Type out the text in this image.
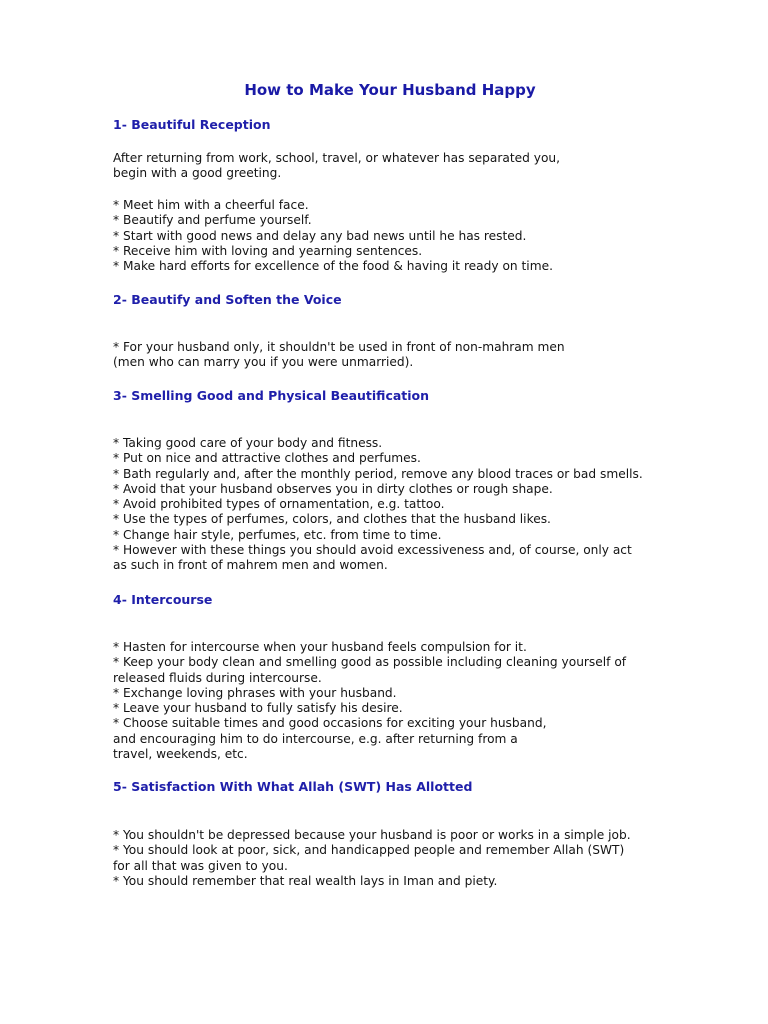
How to Make Your Husband Happy
1- Beautiful Reception
After returning from work, school, travel, or whatever has separated you,
begin with a good greeting.
* Meet him with a cheerful face.
* Beautify and perfume yourself.
* Start with good news and delay any bad news until he has rested.
* Receive him with loving and yearning sentences.
* Make hard efforts for excellence of the food & having it ready on time.
2- Beautify and Soften the Voice
* For your husband only, it shouldn't be used in front of non-mahram men
(men who can marry you if you were unmarried).
3- Smelling Good and Physical Beautification
* Taking good care of your body and fitness.
* Put on nice and attractive clothes and perfumes.
* Bath regularly and, after the monthly period, remove any blood traces or bad smells.
* Avoid that your husband observes you in dirty clothes or rough shape.
* Avoid prohibited types of ornamentation, e.g. tattoo.
* Use the types of perfumes, colors, and clothes that the husband likes.
* Change hair style, perfumes, etc. from time to time.
* However with these things you should avoid excessiveness and, of course, only act
as such in front of mahrem men and women.
4- Intercourse
* Hasten for intercourse when your husband feels compulsion for it.
* Keep your body clean and smelling good as possible including cleaning yourself of
released fluids during intercourse.
* Exchange loving phrases with your husband.
* Leave your husband to fully satisfy his desire.
* Choose suitable times and good occasions for exciting your husband,
and encouraging him to do intercourse, e.g. after returning from a
travel, weekends, etc.
5- Satisfaction With What Allah (SWT) Has Allotted
* You shouldn't be depressed because your husband is poor or works in a simple job.
* You should look at poor, sick, and handicapped people and remember Allah (SWT)
for all that was given to you.
* You should remember that real wealth lays in Iman and piety.
